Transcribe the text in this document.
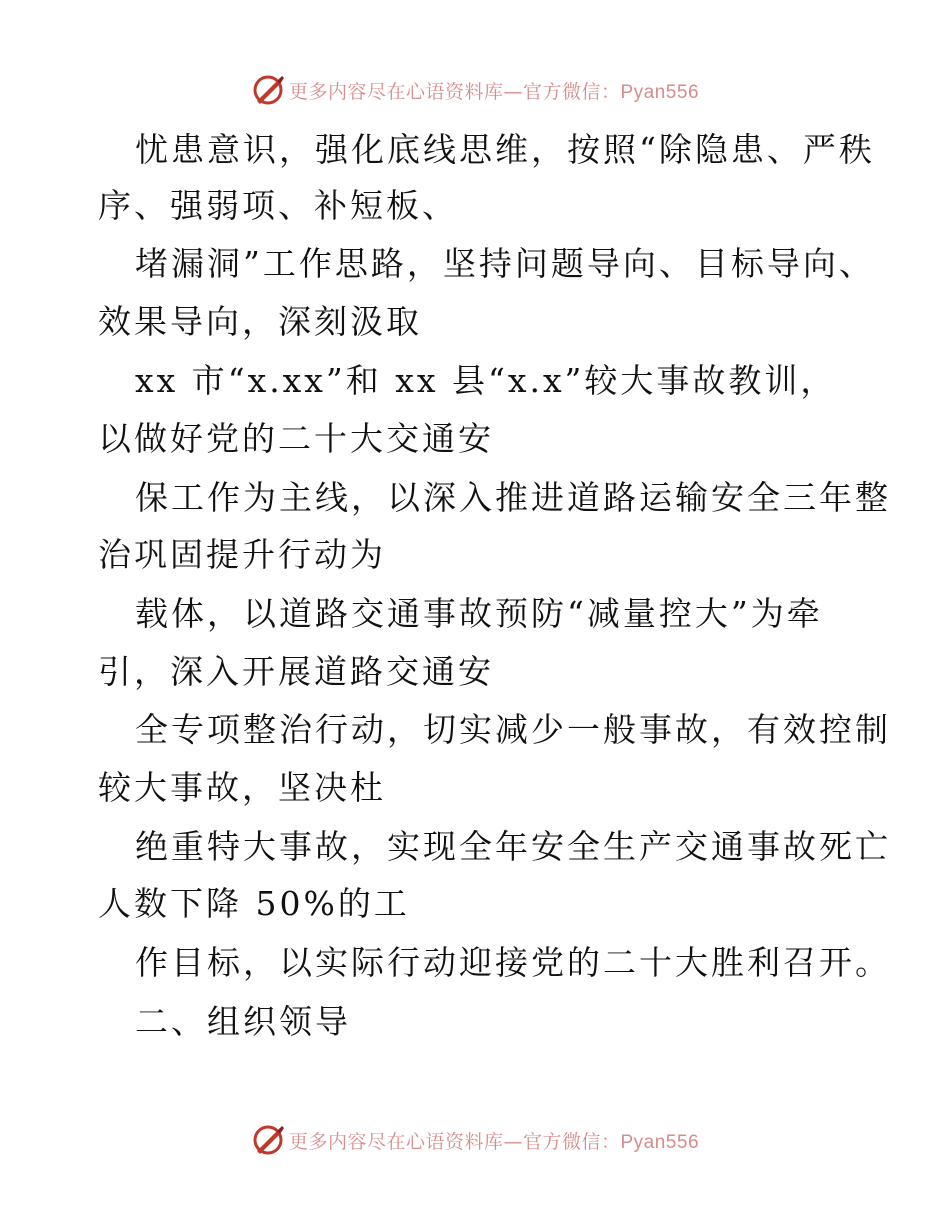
更多内容尽在心语资料库—官方微信：Pyan556
忧患意识，强化底线思维，按照“除隐患、严秩
序、强弱项、补短板、
堵漏洞”工作思路，坚持问题导向、目标导向、
效果导向，深刻汲取
xx 市“x.xx”和 xx 县“x.x”较大事故教训，
以做好党的二十大交通安
保工作为主线，以深入推进道路运输安全三年整
治巩固提升行动为
载体，以道路交通事故预防“减量控大”为牵
引，深入开展道路交通安
全专项整治行动，切实减少一般事故，有效控制
较大事故，坚决杜
绝重特大事故，实现全年安全生产交通事故死亡
人数下降 50%的工
作目标，以实际行动迎接党的二十大胜利召开。
二、组织领导
更多内容尽在心语资料库—官方微信：Pyan556
